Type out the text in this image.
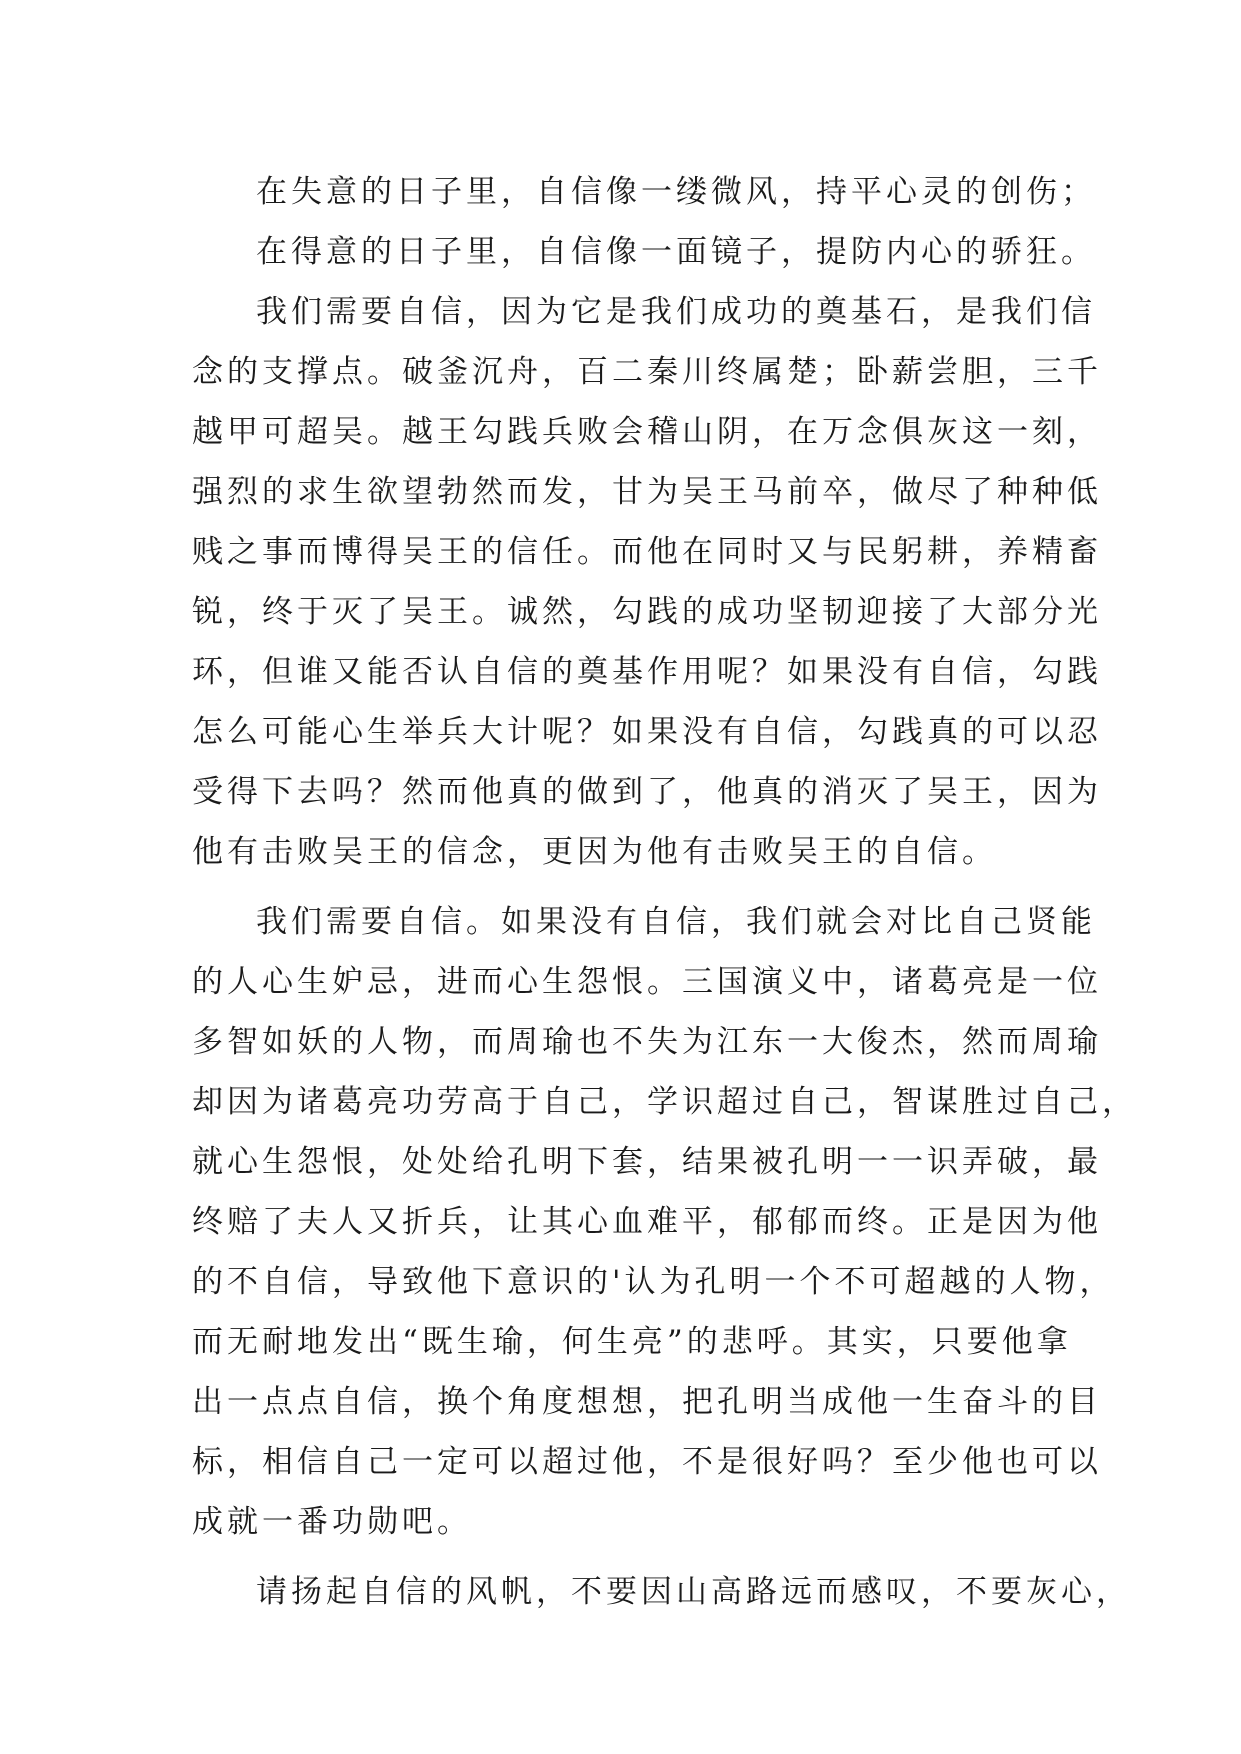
在失意的日子里，自信像一缕微风，持平心灵的创伤；
在得意的日子里，自信像一面镜子，提防内心的骄狂。
我们需要自信，因为它是我们成功的奠基石，是我们信
念的支撑点。破釜沉舟，百二秦川终属楚；卧薪尝胆，三千
越甲可超吴。越王勾践兵败会稽山阴，在万念俱灰这一刻，
强烈的求生欲望勃然而发，甘为吴王马前卒，做尽了种种低
贱之事而博得吴王的信任。而他在同时又与民躬耕，养精畜
锐，终于灭了吴王。诚然，勾践的成功坚韧迎接了大部分光
环，但谁又能否认自信的奠基作用呢？如果没有自信，勾践
怎么可能心生举兵大计呢？如果没有自信，勾践真的可以忍
受得下去吗？然而他真的做到了，他真的消灭了吴王，因为
他有击败吴王的信念，更因为他有击败吴王的自信。
我们需要自信。如果没有自信，我们就会对比自己贤能
的人心生妒忌，进而心生怨恨。三国演义中，诸葛亮是一位
多智如妖的人物，而周瑜也不失为江东一大俊杰，然而周瑜
却因为诸葛亮功劳高于自己，学识超过自己，智谋胜过自己，
就心生怨恨，处处给孔明下套，结果被孔明一一识弄破，最
终赔了夫人又折兵，让其心血难平，郁郁而终。正是因为他
的不自信，导致他下意识的'认为孔明一个不可超越的人物，
而无耐地发出“既生瑜，何生亮”的悲呼。其实，只要他拿
出一点点自信，换个角度想想，把孔明当成他一生奋斗的目
标，相信自己一定可以超过他，不是很好吗？至少他也可以
成就一番功勋吧。
请扬起自信的风帆，不要因山高路远而感叹，不要灰心，
